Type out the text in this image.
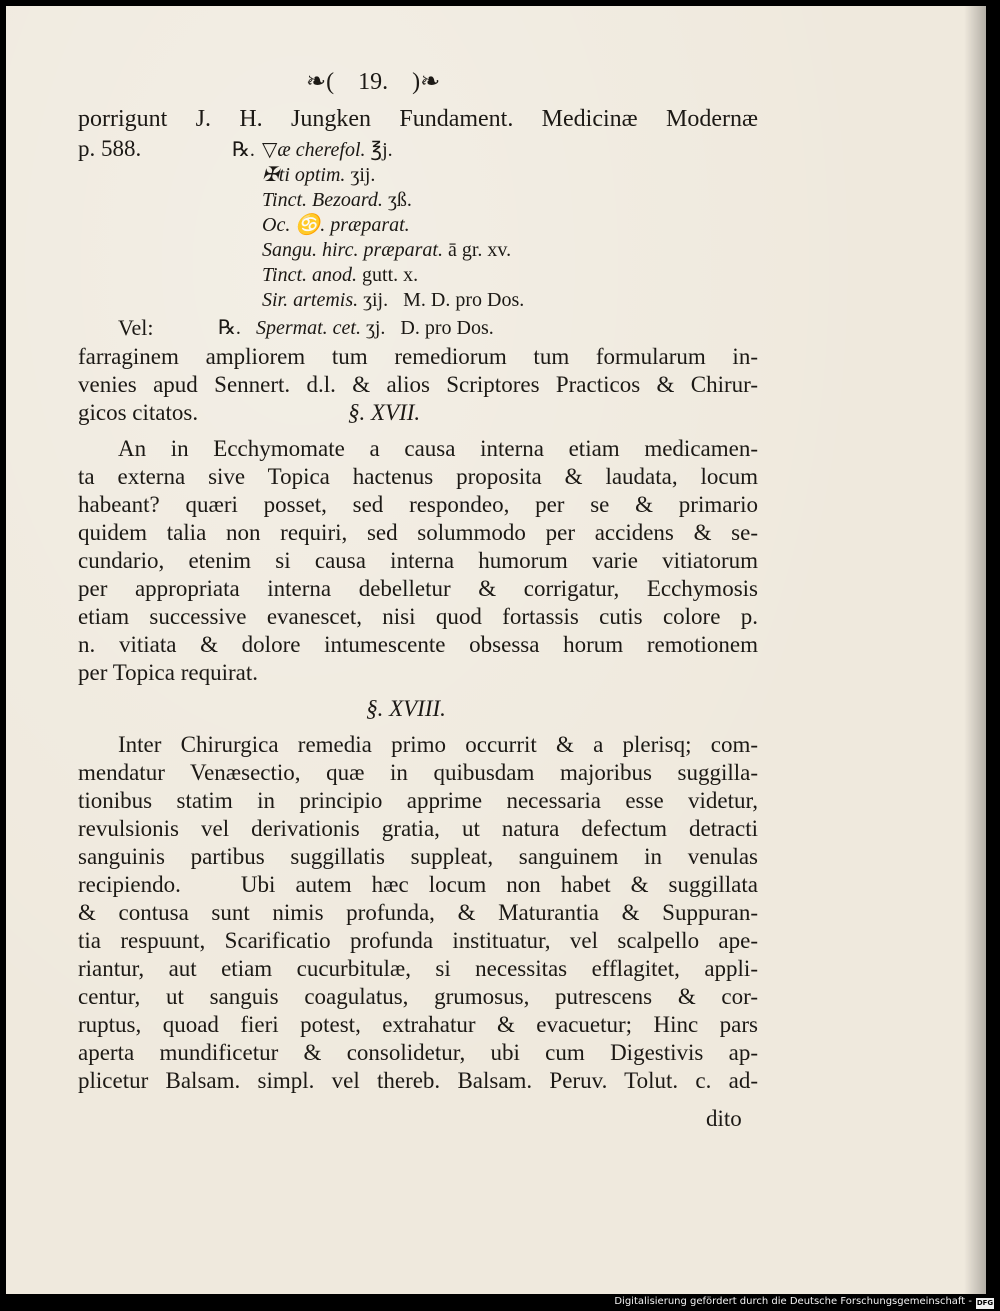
❧( 19. )❧

porrigunt J. H. Jungken Fundament. Medicinæ Modernæ

p. 588.	℞. ▽æ cherefol. ℥j.
✠ti optim. ʒij.
Tinct. Bezoard. ʒß.
Oc. ♋. præparat.
Sangu. hirc. præparat. ā gr. xv.
Tinct. anod. gutt. x.
Sir. artemis. ʒij.   M. D. pro Dos.
Vel:	℞. Spermat. cet. ʒj.   D. pro Dos.

farraginem ampliorem tum remediorum tum formularum in-

venies apud Sennert. d.l. & alios Scriptores Practicos & Chirur-

gicos citatos.	§. XVII.

An in Ecchymomate a causa interna etiam medicamen-

ta externa sive Topica hactenus proposita & laudata, locum

habeant? quæri posset, sed respondeo, per se & primario

quidem talia non requiri, sed solummodo per accidens & se-

cundario, etenim si causa interna humorum varie vitiatorum

per appropriata interna debelletur & corrigatur, Ecchymosis

etiam successive evanescet, nisi quod fortassis cutis colore p.

n. vitiata & dolore intumescente obsessa horum remotionem

per Topica requirat.

§. XVIII.

Inter Chirurgica remedia primo occurrit & a plerisq; com-

mendatur Venæsectio, quæ in quibusdam majoribus suggilla-

tionibus statim in principio apprime necessaria esse videtur,

revulsionis vel derivationis gratia, ut natura defectum detracti

sanguinis partibus suggillatis suppleat, sanguinem in venulas

recipiendo.   Ubi autem hæc locum non habet & suggillata

& contusa sunt nimis profunda, & Maturantia & Suppuran-

tia respuunt, Scarificatio profunda instituatur, vel scalpello ape-

riantur, aut etiam cucurbitulæ, si necessitas efflagitet, appli-

centur, ut sanguis coagulatus, grumosus, putrescens & cor-

ruptus, quoad fieri potest, extrahatur & evacuetur; Hinc pars

aperta mundificetur & consolidetur, ubi cum Digestivis ap-

plicetur Balsam. simpl. vel thereb. Balsam. Peruv. Tolut. c. ad-

dito

Digitalisierung gefördert durch die Deutsche Forschungsgemeinschaft - DFG
